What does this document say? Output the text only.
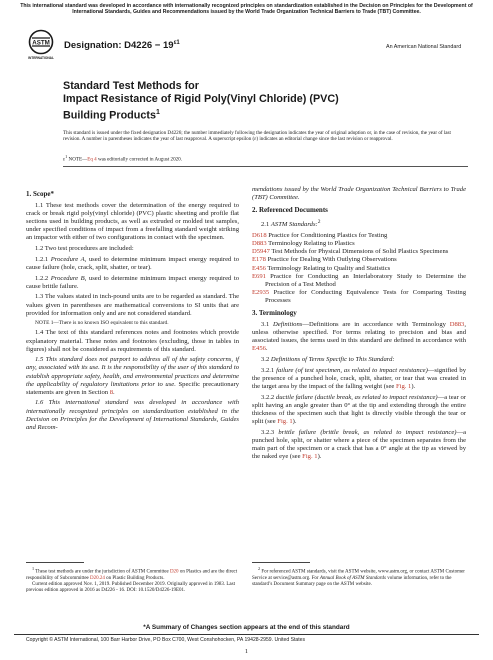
This international standard was developed in accordance with internationally recognized principles on standardization established in the Decision on Principles for the Development of International Standards, Guides and Recommendations issued by the World Trade Organization Technical Barriers to Trade (TBT) Committee.
ASTM
INTERNATIONAL
Designation: $D4226 - 19^{\varepsilon 1}$
An American National Standard
Standard Test Methods for
Impact Resistance of Rigid Poly(Vinyl Chloride) (PVC)
Building Products$^1$
This standard is issued under the fixed designation D4226; the number immediately following the designation indicates the year of original adoption or, in the case of revision, the year of last revision. A number in parentheses indicates the year of last reapproval. A superscript epsilon (ε) indicates an editorial change since the last revision or reapproval.
$\varepsilon^1$ NOTE—Eq 4 was editorially corrected in August 2020.
1. Scope*

1.1 These test methods cover the determination of the energy required to crack or break rigid poly(vinyl chloride) (PVC) plastic sheeting and profile flat sections used in building products, as well as extruded or molded test samples, under specified conditions of impact from a freefalling standard weight striking an impactor with either of two configurations in contact with the specimen.

1.2 Two test procedures are included:

1.2.1 Procedure A, used to determine minimum impact energy required to cause failure (hole, crack, split, shatter, or tear).

1.2.2 Procedure B, used to determine minimum impact energy required to cause brittle failure.

1.3 The values stated in inch-pound units are to be regarded as standard. The values given in parentheses are mathematical conversions to SI units that are provided for information only and are not considered standard.

NOTE 1—There is no known ISO equivalent to this standard.

1.4 The text of this standard references notes and footnotes which provide explanatory material. These notes and footnotes (excluding, those in tables in figures) shall not be considered as requirements of this standard.

1.5 This standard does not purport to address all of the safety concerns, if any, associated with its use. It is the responsibility of the user of this standard to establish appropriate safety, health, and environmental practices and determine the applicability of regulatory limitations prior to use. Specific precautionary statements are given in Section 8.

1.6 This international standard was developed in accordance with internationally recognized principles on standardization established in the Decision on Principles for the Development of International Standards, Guides and Recom-

mendations issued by the World Trade Organization Technical Barriers to Trade (TBT) Committee.

2. Referenced Documents

2.1 ASTM Standards:$^2$

D618 Practice for Conditioning Plastics for Testing

D883 Terminology Relating to Plastics

D5947 Test Methods for Physical Dimensions of Solid Plastics Specimens

E178 Practice for Dealing With Outlying Observations

E456 Terminology Relating to Quality and Statistics

E691 Practice for Conducting an Interlaboratory Study to Determine the Precision of a Test Method

E2935 Practice for Conducting Equivalence Tests for Comparing Testing Processes

3. Terminology

3.1 Definitions—Definitions are in accordance with Terminology D883, unless otherwise specified. For terms relating to precision and bias and associated issues, the terms used in this standard are defined in accordance with E456.

3.2 Definitions of Terms Specific to This Standard:

3.2.1 failure (of test specimen, as related to impact resistance)—signified by the presence of a punched hole, crack, split, shatter, or tear that was created in the target area by the impact of the falling weight (see Fig. 1).

3.2.2 ductile failure (ductile break, as related to impact resistance)—a tear or split having an angle greater than 0° at the tip and extending through the entire thickness of the specimen such that light is directly visible through the tear or split (see Fig. 1).

3.2.3 brittle failure (brittle break, as related to impact resistance)—a punched hole, split, or shatter where a piece of the specimen separates from the main part of the specimen or a crack that has a 0° angle at the tip as viewed by the naked eye (see Fig. 1).

$^1$ These test methods are under the jurisdiction of ASTM Committee D20 on Plastics and are the direct responsibility of Subcommittee D20.24 on Plastic Building Products.
Current edition approved Nov. 1, 2019. Published December 2019. Originally approved in 1983. Last previous edition approved in 2016 as D4226 - 16. DOI: 10.1520/D4226-19E01.
$^2$ For referenced ASTM standards, visit the ASTM website, www.astm.org, or contact ASTM Customer Service at service@astm.org. For Annual Book of ASTM Standards volume information, refer to the standard’s Document Summary page on the ASTM website.
*A Summary of Changes section appears at the end of this standard
Copyright © ASTM International, 100 Barr Harbor Drive, PO Box C700, West Conshohocken, PA 19428-2959. United States
1
